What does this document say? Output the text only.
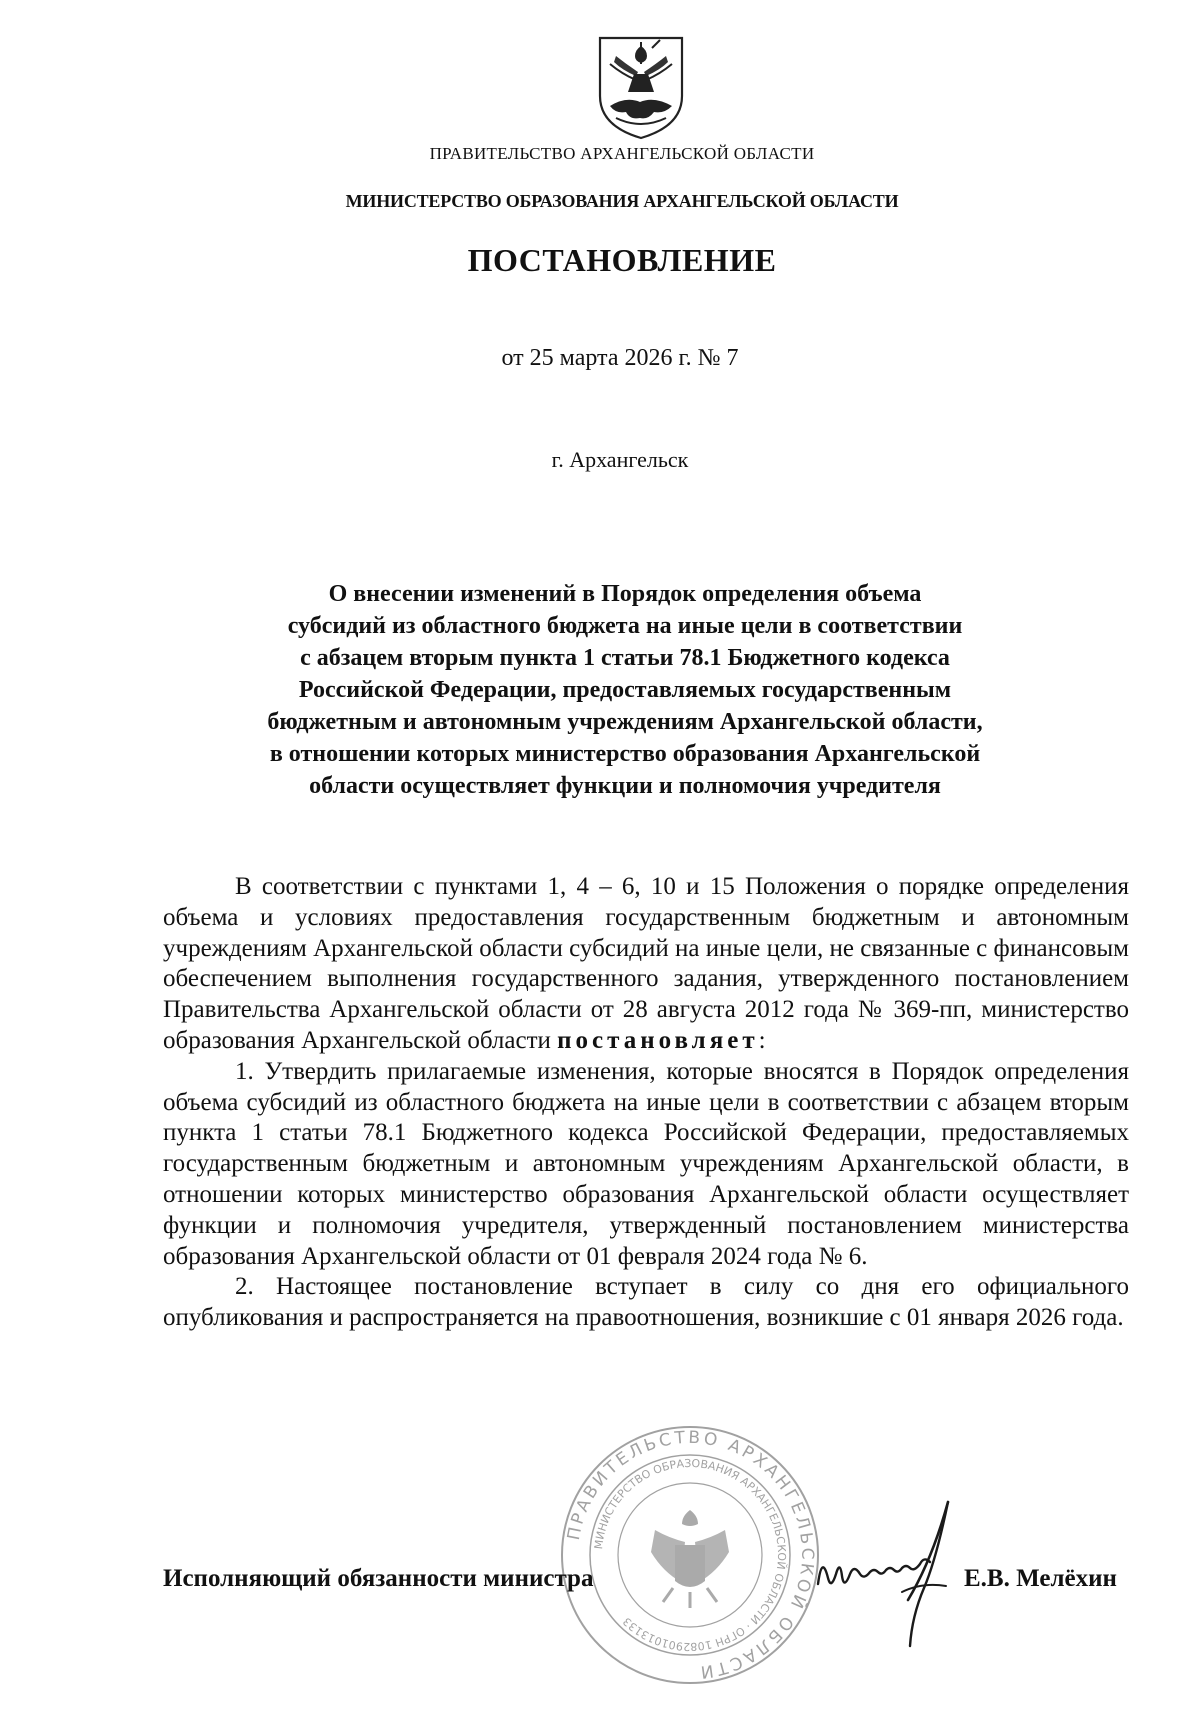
ПРАВИТЕЛЬСТВО АРХАНГЕЛЬСКОЙ ОБЛАСТИ
МИНИСТЕРСТВО ОБРАЗОВАНИЯ АРХАНГЕЛЬСКОЙ ОБЛАСТИ
ПОСТАНОВЛЕНИЕ
от 25 марта 2026 г. № 7
г. Архангельск
О внесении изменений в Порядок определения объема
субсидий из областного бюджета на иные цели в соответствии
с абзацем вторым пункта 1 статьи 78.1 Бюджетного кодекса
Российской Федерации, предоставляемых государственным
бюджетным и автономным учреждениям Архангельской области,
в отношении которых министерство образования Архангельской
области осуществляет функции и полномочия учредителя

В соответствии с пунктами 1, 4 – 6, 10 и 15 Положения о порядке определения объема и условиях предоставления государственным бюджетным и автономным учреждениям Архангельской области субсидий на иные цели, не связанные с финансовым обеспечением выполнения государственного задания, утвержденного постановлением Правительства Архангельской области от 28 августа 2012 года № 369-пп, министерство образования Архангельской области постановляет:

1. Утвердить прилагаемые изменения, которые вносятся в Порядок определения объема субсидий из областного бюджета на иные цели в соответствии с абзацем вторым пункта 1 статьи 78.1 Бюджетного кодекса Российской Федерации, предоставляемых государственным бюджетным и автономным учреждениям Архангельской области, в отношении которых министерство образования Архангельской области осуществляет функции и полномочия учредителя, утвержденный постановлением министерства образования Архангельской области от 01 февраля 2024 года № 6.

2. Настоящее постановление вступает в силу со дня его официального опубликования и распространяется на правоотношения, возникшие с 01 января 2026 года.

ПРАВИТЕЛЬСТВО АРХАНГЕЛЬСКОЙ ОБЛАСТИ
МИНИСТЕРСТВО ОБРАЗОВАНИЯ АРХАНГЕЛЬСКОЙ ОБЛАСТИ · ОГРН 1082901013133
Исполняющий обязанности министра	Е.В. Мелёхин
